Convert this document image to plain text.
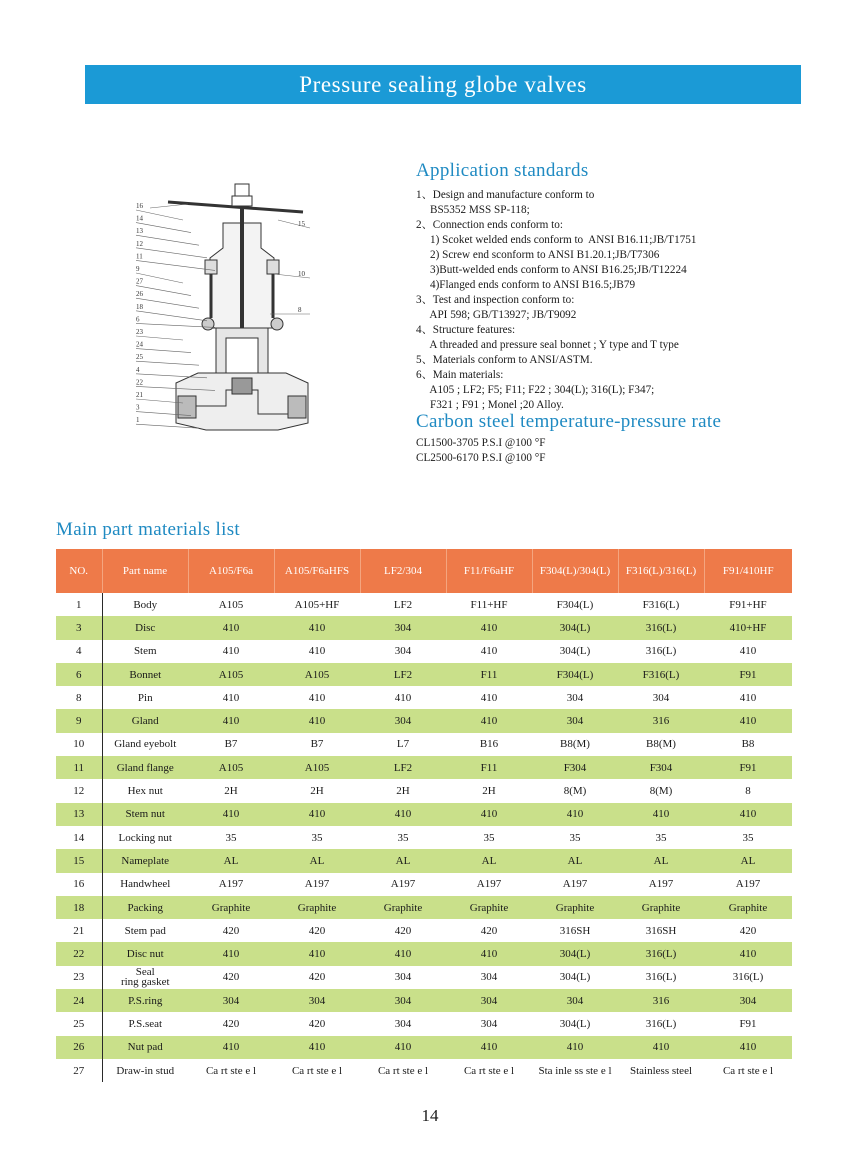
Pressure sealing globe valves
16
14
13
12
11
9
27
26
18
6
23
24
25
4
22
21
3
1
15
10
8
Application standards
1、Design and manufacture conform to
BS5352 MSS SP-118;
2、Connection ends conform to:
1) Scoket welded ends conform to  ANSI B16.11;JB/T1751
2) Screw end sconform to ANSI B1.20.1;JB/T7306
3)Butt-welded ends conform to ANSI B16.25;JB/T12224
4)Flanged ends conform to ANSI B16.5;JB79
3、Test and inspection conform to:
API 598; GB/T13927; JB/T9092
4、Structure features:
A threaded and pressure seal bonnet ; Y type and T type
5、Materials conform to ANSI/ASTM.
6、Main materials:
A105 ; LF2; F5; F11; F22 ; 304(L); 316(L); F347;
F321 ; F91 ; Monel ;20 Alloy.
Carbon steel temperature-pressure rate
CL1500-3705 P.S.I @100 °F
CL2500-6170 P.S.I @100 °F
Main part materials list
NO.	Part name	A105/F6a	A105/F6aHFS	LF2/304	F11/F6aHF	F304(L)/304(L)	F316(L)/316(L)	F91/410HF
1	Body	A105	A105+HF	LF2	F11+HF	F304(L)	F316(L)	F91+HF
3	Disc	410	410	304	410	304(L)	316(L)	410+HF
4	Stem	410	410	304	410	304(L)	316(L)	410
6	Bonnet	A105	A105	LF2	F11	F304(L)	F316(L)	F91
8	Pin	410	410	410	410	304	304	410
9	Gland	410	410	304	410	304	316	410
10	Gland eyebolt	B7	B7	L7	B16	B8(M)	B8(M)	B8
11	Gland flange	A105	A105	LF2	F11	F304	F304	F91
12	Hex nut	2H	2H	2H	2H	8(M)	8(M)	8
13	Stem nut	410	410	410	410	410	410	410
14	Locking nut	35	35	35	35	35	35	35
15	Nameplate	AL	AL	AL	AL	AL	AL	AL
16	Handwheel	A197	A197	A197	A197	A197	A197	A197
18	Packing	Graphite	Graphite	Graphite	Graphite	Graphite	Graphite	Graphite
21	Stem pad	420	420	420	420	316SH	316SH	420
22	Disc nut	410	410	410	410	304(L)	316(L)	410
23	Seal
ring gasket	420	420	304	304	304(L)	316(L)	316(L)
24	P.S.ring	304	304	304	304	304	316	304
25	P.S.seat	420	420	304	304	304(L)	316(L)	F91
26	Nut pad	410	410	410	410	410	410	410
27	Draw-in stud	Ca rt ste e l	Ca rt ste e l	Ca rt ste e l	Ca rt ste e l	Sta inle ss ste e l	Stainless steel	Ca rt ste e l
14
